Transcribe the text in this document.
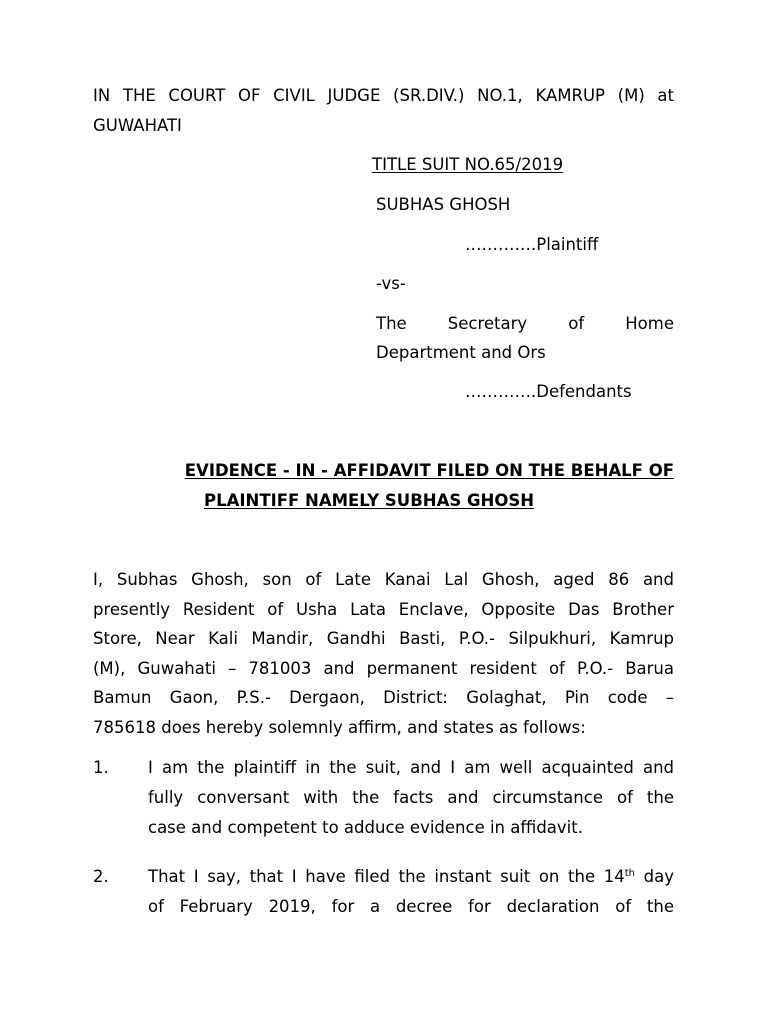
IN THE COURT OF CIVIL JUDGE (SR.DIV.) NO.1, KAMRUP (M) at

GUWAHATI

TITLE SUIT NO.65/2019

SUBHAS GHOSH

………….Plaintiff

-vs-

The Secretary of Home

Department and Ors

………….Defendants

EVIDENCE - IN - AFFIDAVIT FILED ON THE BEHALF OF

PLAINTIFF NAMELY SUBHAS GHOSH

I, Subhas Ghosh, son of Late Kanai Lal Ghosh, aged 86 and

presently Resident of Usha Lata Enclave, Opposite Das Brother

Store, Near Kali Mandir, Gandhi Basti, P.O.- Silpukhuri, Kamrup

(M), Guwahati – 781003 and permanent resident of P.O.- Barua

Bamun Gaon, P.S.- Dergaon, District: Golaghat, Pin code –

785618 does hereby solemnly affirm, and states as follows:

1. I am the plaintiff in the suit, and I am well acquainted and

fully conversant with the facts and circumstance of the

case and competent to adduce evidence in affidavit.

2. That I say, that I have filed the instant suit on the 14th day

of February 2019, for a decree for declaration of the
